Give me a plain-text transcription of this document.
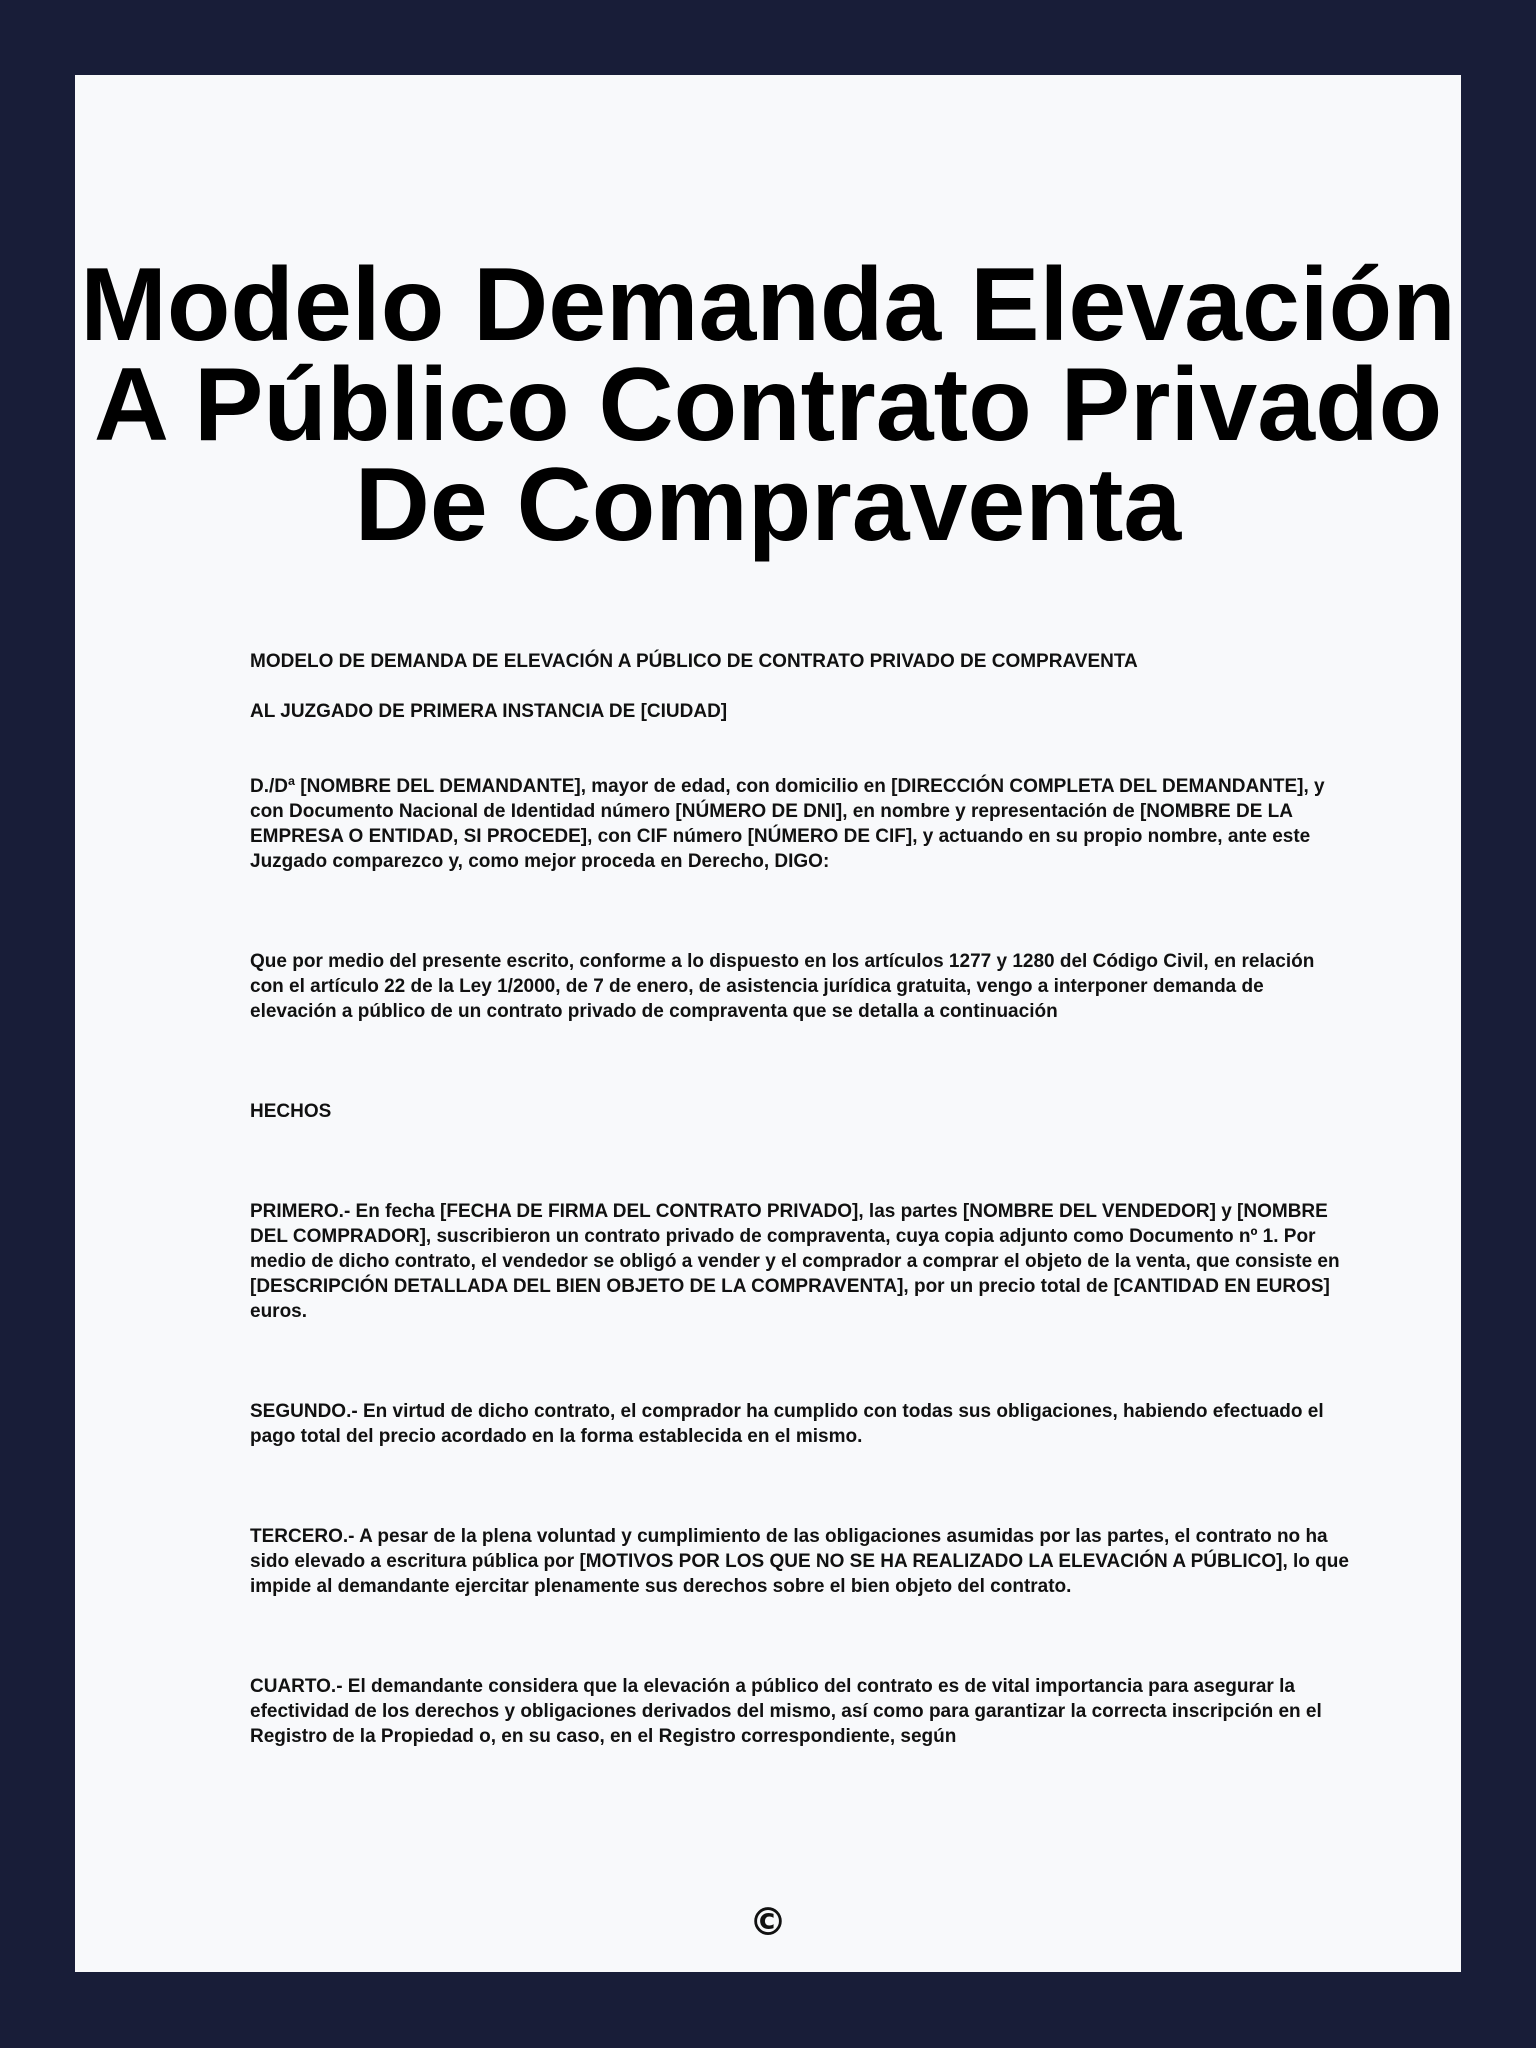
Modelo Demanda Elevación A Público Contrato Privado De Compraventa

MODELO DE DEMANDA DE ELEVACIÓN A PÚBLICO DE CONTRATO PRIVADO DE COMPRAVENTA

AL JUZGADO DE PRIMERA INSTANCIA DE [CIUDAD]

D./Dª [NOMBRE DEL DEMANDANTE], mayor de edad, con domicilio en [DIRECCIÓN COMPLETA DEL DEMANDANTE], y con Documento Nacional de Identidad número [NÚMERO DE DNI], en nombre y representación de [NOMBRE DE LA EMPRESA O ENTIDAD, SI PROCEDE], con CIF número [NÚMERO DE CIF], y actuando en su propio nombre, ante este Juzgado comparezco y, como mejor proceda en Derecho, DIGO:

Que por medio del presente escrito, conforme a lo dispuesto en los artículos 1277 y 1280 del Código Civil, en relación con el artículo 22 de la Ley 1/2000, de 7 de enero, de asistencia jurídica gratuita, vengo a interponer demanda de elevación a público de un contrato privado de compraventa que se detalla a continuación

HECHOS

PRIMERO.- En fecha [FECHA DE FIRMA DEL CONTRATO PRIVADO], las partes [NOMBRE DEL VENDEDOR] y [NOMBRE DEL COMPRADOR], suscribieron un contrato privado de compraventa, cuya copia adjunto como Documento nº 1. Por medio de dicho contrato, el vendedor se obligó a vender y el comprador a comprar el objeto de la venta, que consiste en [DESCRIPCIÓN DETALLADA DEL BIEN OBJETO DE LA COMPRAVENTA], por un precio total de [CANTIDAD EN EUROS] euros.

SEGUNDO.- En virtud de dicho contrato, el comprador ha cumplido con todas sus obligaciones, habiendo efectuado el pago total del precio acordado en la forma establecida en el mismo.

TERCERO.- A pesar de la plena voluntad y cumplimiento de las obligaciones asumidas por las partes, el contrato no ha sido elevado a escritura pública por [MOTIVOS POR LOS QUE NO SE HA REALIZADO LA ELEVACIÓN A PÚBLICO], lo que impide al demandante ejercitar plenamente sus derechos sobre el bien objeto del contrato.

CUARTO.- El demandante considera que la elevación a público del contrato es de vital importancia para asegurar la efectividad de los derechos y obligaciones derivados del mismo, así como para garantizar la correcta inscripción en el Registro de la Propiedad o, en su caso, en el Registro correspondiente, según

©
